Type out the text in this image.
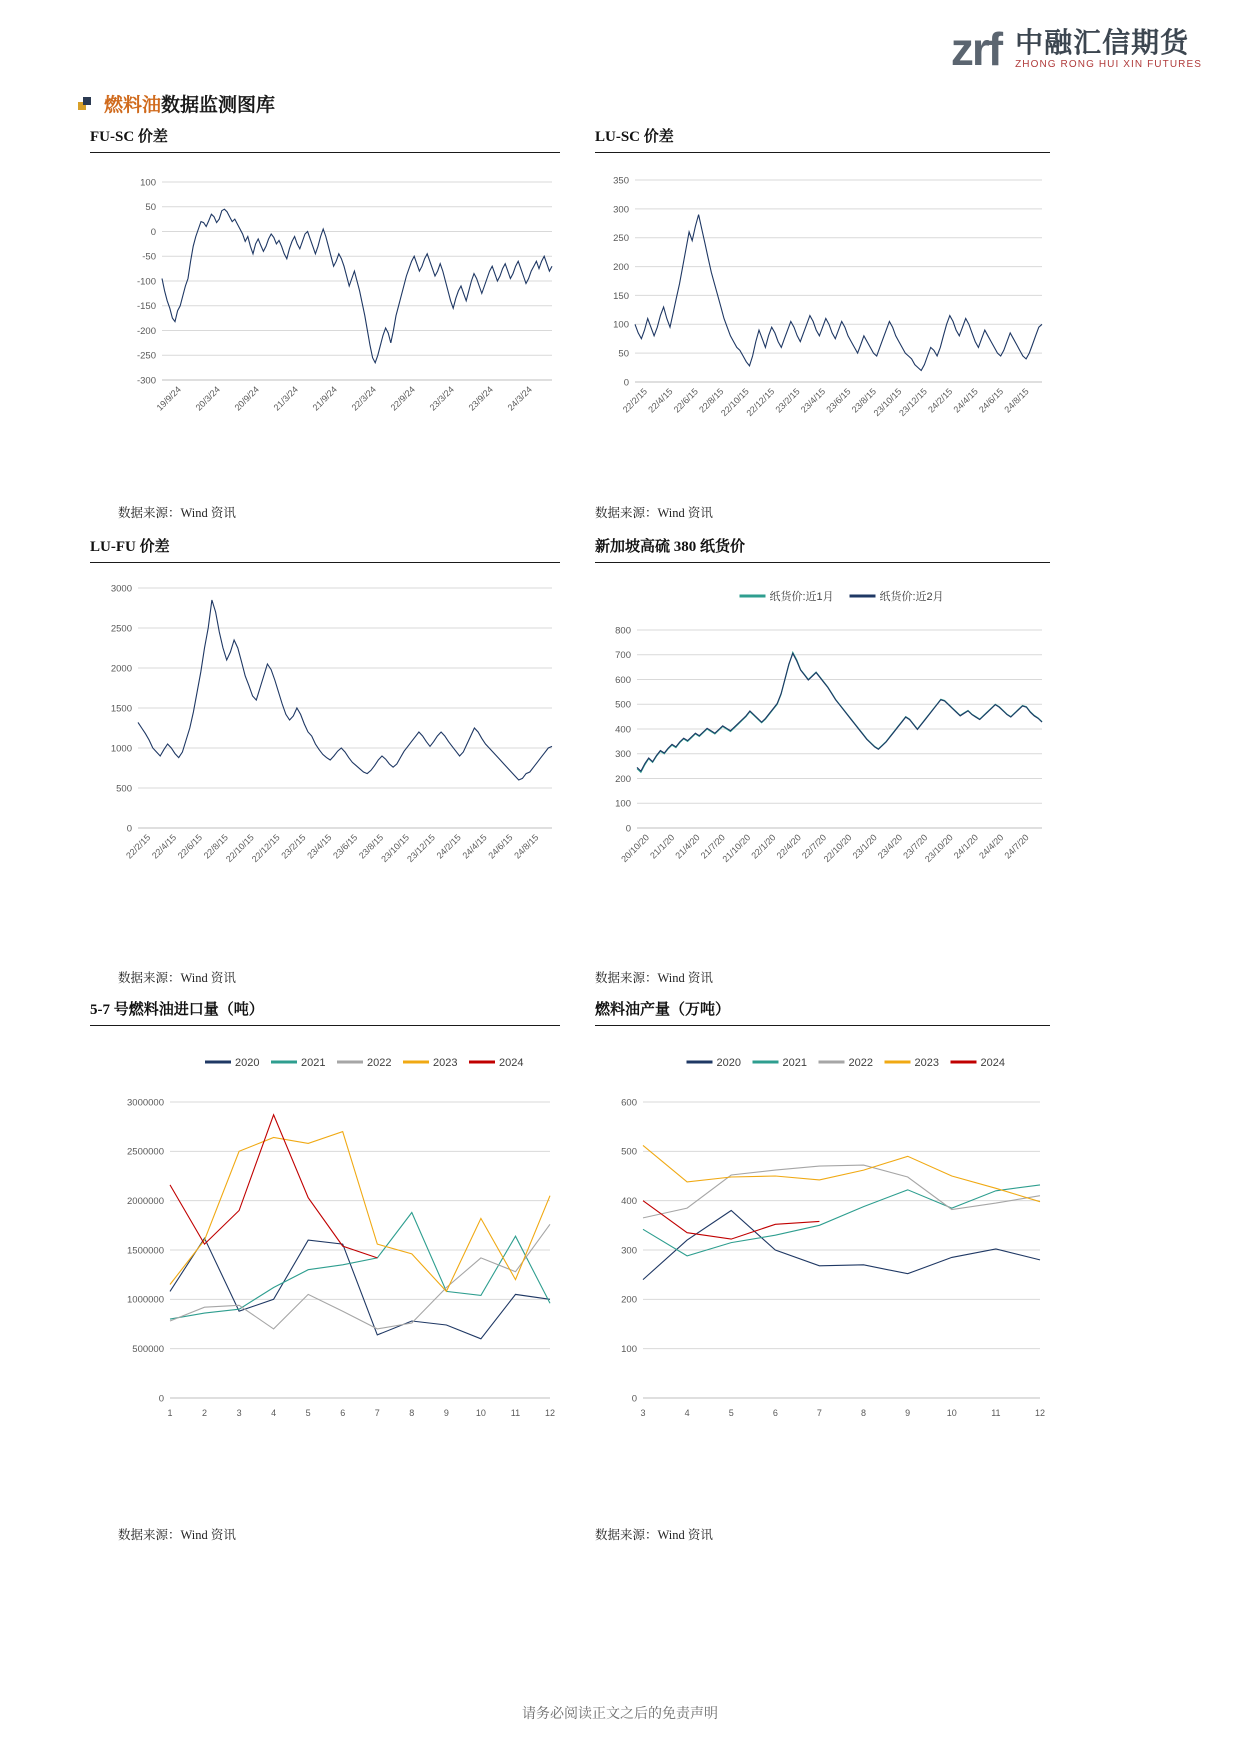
zrf 中融汇信期货
ZHONG RONG HUI XIN FUTURES
燃料油数据监测图库
FU-SC 价差
100
50
0
-50
-100
-150
-200
-250
-300
19/9/24 20/3/24 20/9/24 21/3/24 21/9/24 22/3/24 22/9/24 23/3/24 23/9/24 24/3/24
数据来源：Wind 资讯
LU-SC 价差
0
50
100
150
200
250
300
350
22/2/15
22/4/15
22/6/15
22/8/15
22/10/15
22/12/15
23/2/15
23/4/15
23/6/15
23/8/15
23/10/15
23/12/15
24/2/15
24/4/15
24/6/15
24/8/15
数据来源：Wind 资讯
LU-FU 价差
0
500
1000
1500
2000
2500
3000
22/2/15
22/4/15
22/6/15
22/8/15
22/10/15
22/12/15
23/2/15
23/4/15
23/6/15
23/8/15
23/10/15
23/12/15
24/2/15
24/4/15
24/6/15
24/8/15
数据来源：Wind 资讯
新加坡高硫 380 纸货价
0
100
200
300
400
500
600
700
800
纸货价:近1月	纸货价:近2月
20/10/20
21/1/20
21/4/20
21/7/20
21/10/20
22/1/20
22/4/20
22/7/20
22/10/20
23/1/20
23/4/20
23/7/20
23/10/20
24/1/20
24/4/20
24/7/20
数据来源：Wind 资讯
5-7 号燃料油进口量（吨）
0
500000
1000000
1500000
2000000
2500000
3000000
2020	2021	2022	2023	2024
1	2	3	4	5	6	7	8	9	10	11	12
数据来源：Wind 资讯
燃料油产量（万吨）
0
100
200
300
400
500
600
2020	2021	2022	2023	2024
3	4	5	6	7	8	9	10	11	12
数据来源：Wind 资讯
请务必阅读正文之后的免责声明
